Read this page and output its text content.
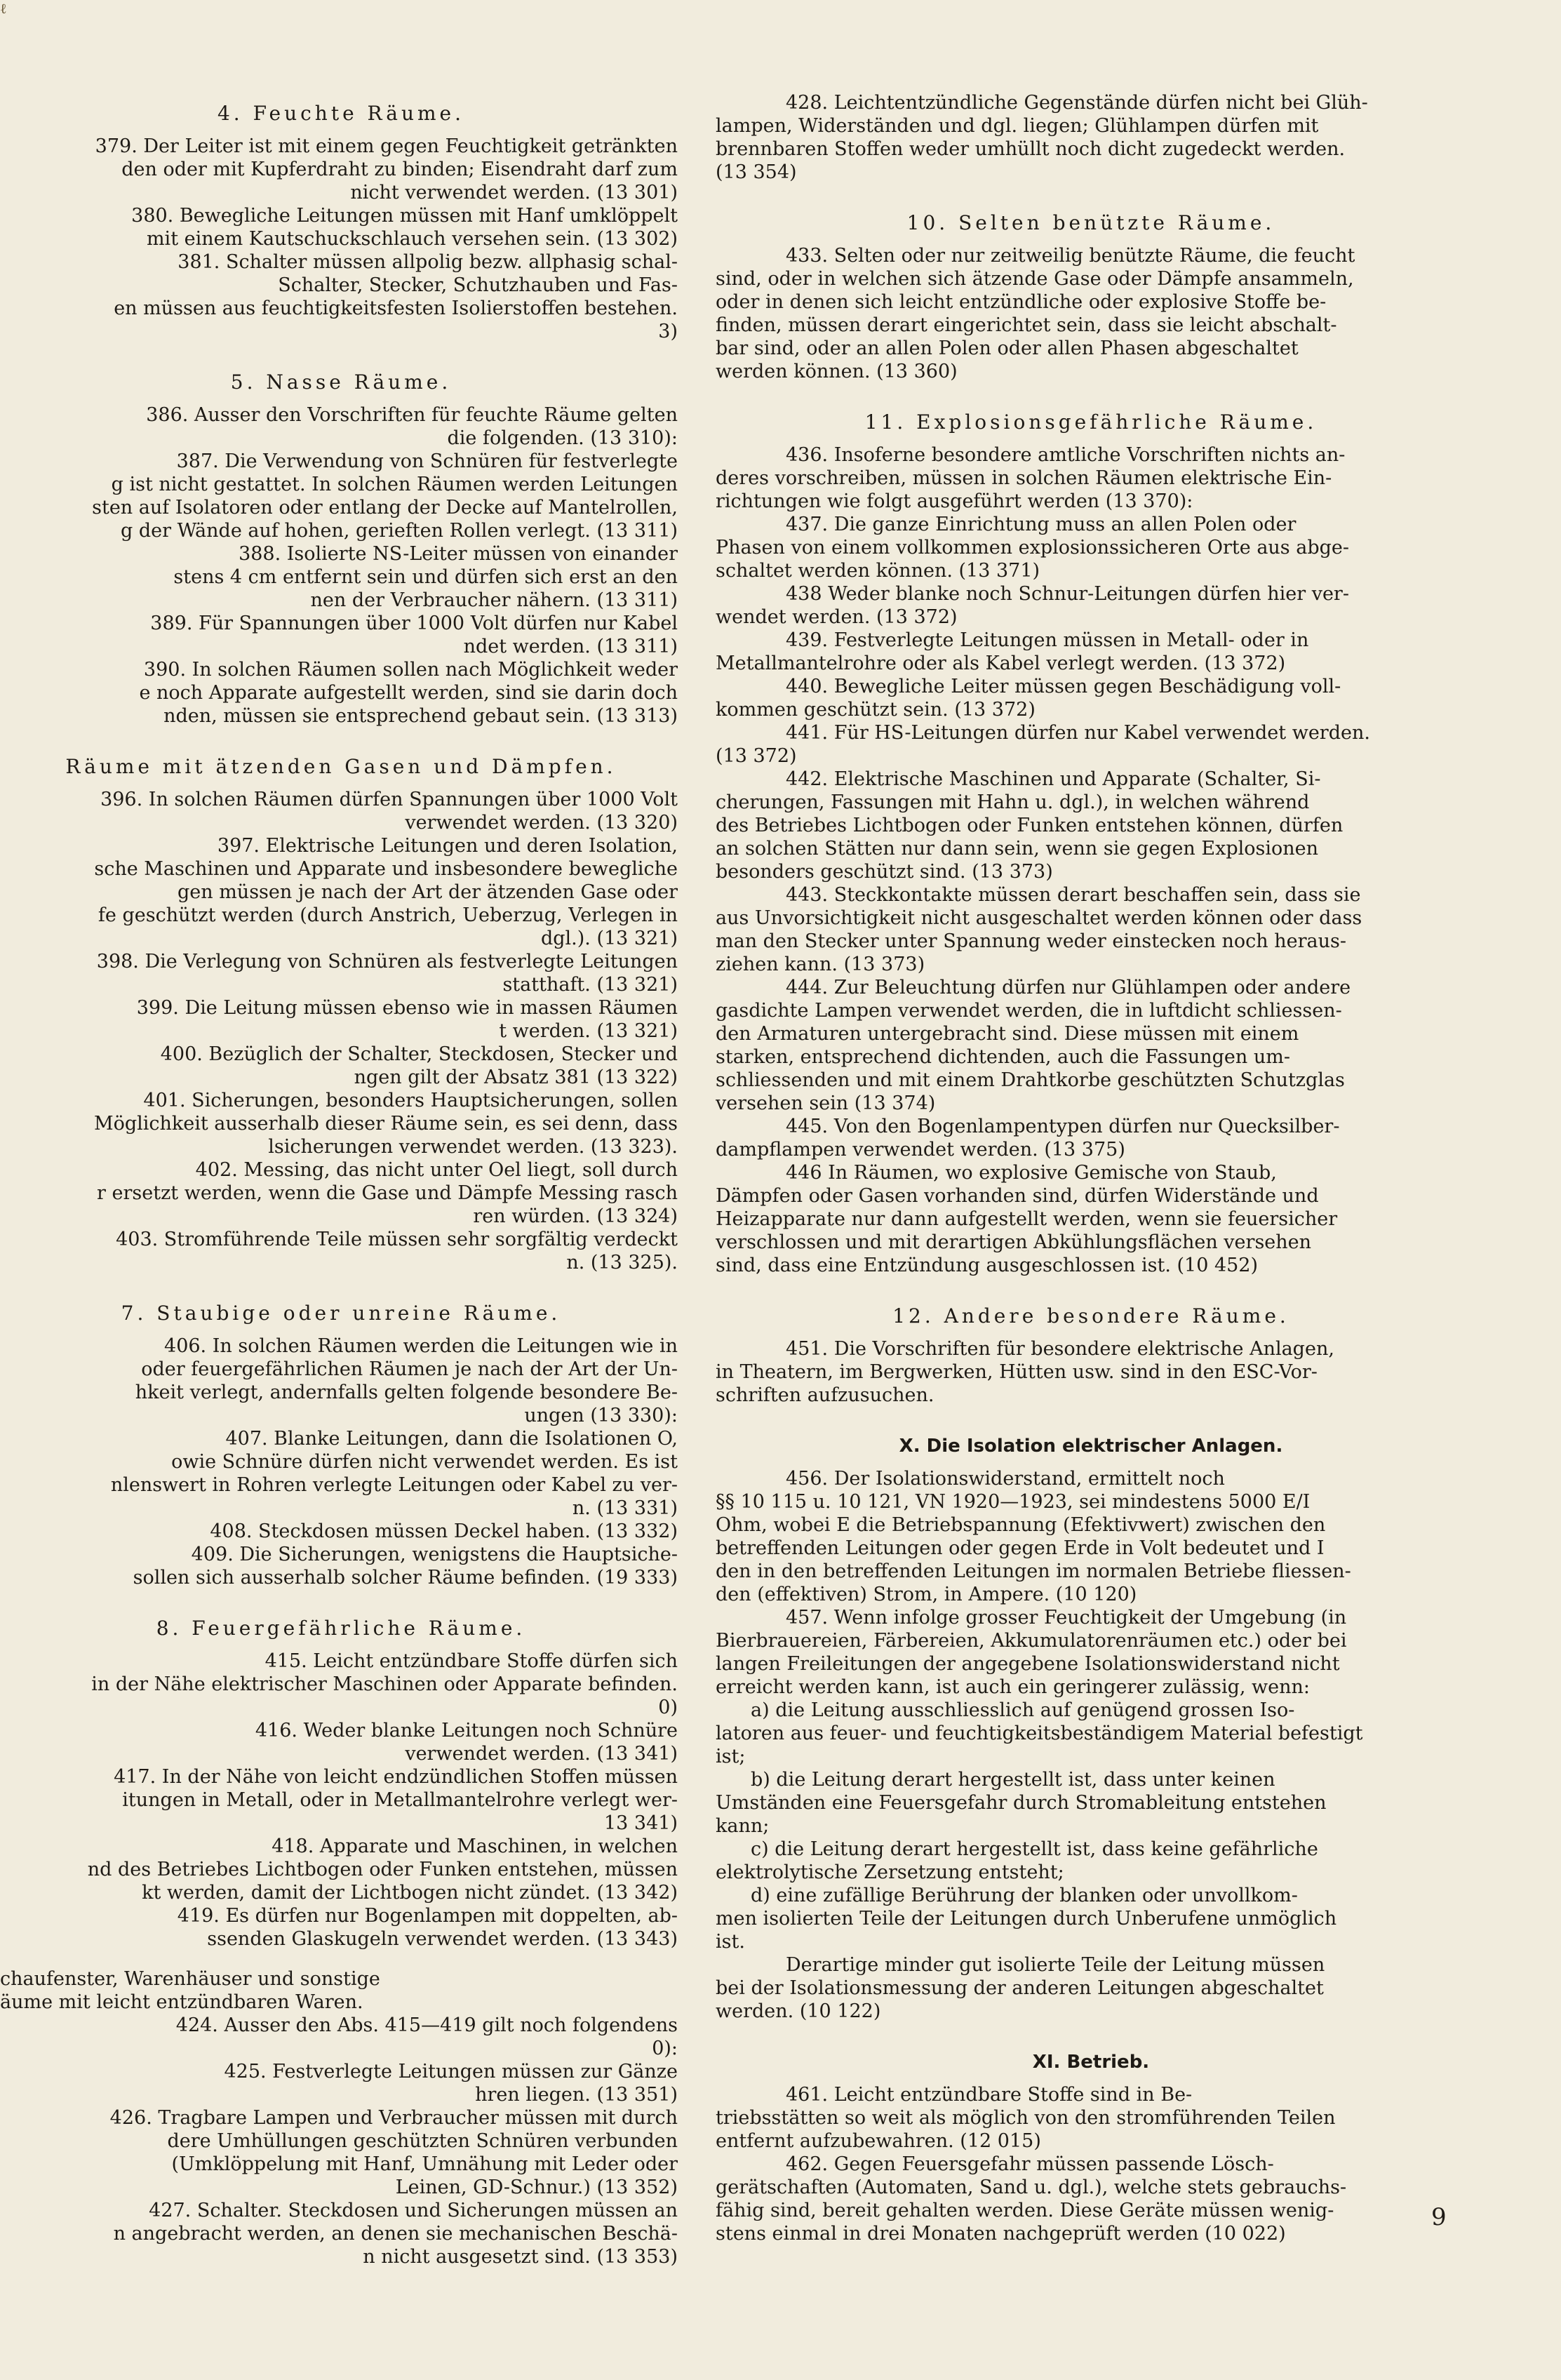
ℓ
4. Feuchte Räume.
379. Der Leiter ist mit einem gegen Feuchtigkeit getränkten
den oder mit Kupferdraht zu binden; Eisendraht darf zum
nicht verwendet werden. (13 301)
380. Bewegliche Leitungen müssen mit Hanf umklöppelt
mit einem Kautschuckschlauch versehen sein. (13 302)
381. Schalter müssen allpolig bezw. allphasig schal-
Schalter, Stecker, Schutzhauben und Fas-
en müssen aus feuchtigkeitsfesten Isolierstoffen bestehen.
3)
5. Nasse Räume.
386. Ausser den Vorschriften für feuchte Räume gelten
die folgenden. (13 310):
387. Die Verwendung von Schnüren für festverlegte
g ist nicht gestattet. In solchen Räumen werden Leitungen
sten auf Isolatoren oder entlang der Decke auf Mantelrollen,
g der Wände auf hohen, gerieften Rollen verlegt. (13 311)
388. Isolierte NS-Leiter müssen von einander
stens 4 cm entfernt sein und dürfen sich erst an den
nen der Verbraucher nähern. (13 311)
389. Für Spannungen über 1000 Volt dürfen nur Kabel
ndet werden. (13 311)
390. In solchen Räumen sollen nach Möglichkeit weder
e noch Apparate aufgestellt werden, sind sie darin doch
nden, müssen sie entsprechend gebaut sein. (13 313)
Räume mit ätzenden Gasen und Dämpfen.
396. In solchen Räumen dürfen Spannungen über 1000 Volt
verwendet werden. (13 320)
397. Elektrische Leitungen und deren Isolation,
sche Maschinen und Apparate und insbesondere bewegliche
gen müssen je nach der Art der ätzenden Gase oder
fe geschützt werden (durch Anstrich, Ueberzug, Verlegen in
dgl.). (13 321)
398. Die Verlegung von Schnüren als festverlegte Leitungen
statthaft. (13 321)
399. Die Leitung müssen ebenso wie in massen Räumen
t werden. (13 321)
400. Bezüglich der Schalter, Steckdosen, Stecker und
ngen gilt der Absatz 381 (13 322)
401. Sicherungen, besonders Hauptsicherungen, sollen
Möglichkeit ausserhalb dieser Räume sein, es sei denn, dass
lsicherungen verwendet werden. (13 323).
402. Messing, das nicht unter Oel liegt, soll durch
r ersetzt werden, wenn die Gase und Dämpfe Messing rasch
ren würden. (13 324)
403. Stromführende Teile müssen sehr sorgfältig verdeckt
n. (13 325).
7. Staubige oder unreine Räume.
406. In solchen Räumen werden die Leitungen wie in
oder feuergefährlichen Räumen je nach der Art der Un-
hkeit verlegt, andernfalls gelten folgende besondere Be-
ungen (13 330):
407. Blanke Leitungen, dann die Isolationen O,
owie Schnüre dürfen nicht verwendet werden. Es ist
nlenswert in Rohren verlegte Leitungen oder Kabel zu ver-
n. (13 331)
408. Steckdosen müssen Deckel haben. (13 332)
409. Die Sicherungen, wenigstens die Hauptsiche-
sollen sich ausserhalb solcher Räume befinden. (19 333)
8. Feuergefährliche Räume.
415. Leicht entzündbare Stoffe dürfen sich
in der Nähe elektrischer Maschinen oder Apparate befinden.
0)
416. Weder blanke Leitungen noch Schnüre
verwendet werden. (13 341)
417. In der Nähe von leicht endzündlichen Stoffen müssen
itungen in Metall, oder in Metallmantelrohre verlegt wer-
13 341)
418. Apparate und Maschinen, in welchen
nd des Betriebes Lichtbogen oder Funken entstehen, müssen
kt werden, damit der Lichtbogen nicht zündet. (13 342)
419. Es dürfen nur Bogenlampen mit doppelten, ab-
ssenden Glaskugeln verwendet werden. (13 343)
chaufenster, Warenhäuser und sonstige
äume mit leicht entzündbaren Waren.
424. Ausser den Abs. 415—419 gilt noch folgendens
0):
425. Festverlegte Leitungen müssen zur Gänze
hren liegen. (13 351)
426. Tragbare Lampen und Verbraucher müssen mit durch
dere Umhüllungen geschützten Schnüren verbunden
(Umklöppelung mit Hanf, Umnähung mit Leder oder
Leinen, GD-Schnur.) (13 352)
427. Schalter. Steckdosen und Sicherungen müssen an
n angebracht werden, an denen sie mechanischen Beschä-
n nicht ausgesetzt sind. (13 353)
428. Leichtentzündliche Gegenstände dürfen nicht bei Glüh-
lampen, Widerständen und dgl. liegen; Glühlampen dürfen mit
brennbaren Stoffen weder umhüllt noch dicht zugedeckt werden.
(13 354)
10. Selten benützte Räume.
433. Selten oder nur zeitweilig benützte Räume, die feucht
sind, oder in welchen sich ätzende Gase oder Dämpfe ansammeln,
oder in denen sich leicht entzündliche oder explosive Stoffe be-
finden, müssen derart eingerichtet sein, dass sie leicht abschalt-
bar sind, oder an allen Polen oder allen Phasen abgeschaltet
werden können. (13 360)
11. Explosionsgefährliche Räume.
436. Insoferne besondere amtliche Vorschriften nichts an-
deres vorschreiben, müssen in solchen Räumen elektrische Ein-
richtungen wie folgt ausgeführt werden (13 370):
437. Die ganze Einrichtung muss an allen Polen oder
Phasen von einem vollkommen explosionssicheren Orte aus abge-
schaltet werden können. (13 371)
438 Weder blanke noch Schnur-Leitungen dürfen hier ver-
wendet werden. (13 372)
439. Festverlegte Leitungen müssen in Metall- oder in
Metallmantelrohre oder als Kabel verlegt werden. (13 372)
440. Bewegliche Leiter müssen gegen Beschädigung voll-
kommen geschützt sein. (13 372)
441. Für HS-Leitungen dürfen nur Kabel verwendet werden.
(13 372)
442. Elektrische Maschinen und Apparate (Schalter, Si-
cherungen, Fassungen mit Hahn u. dgl.), in welchen während
des Betriebes Lichtbogen oder Funken entstehen können, dürfen
an solchen Stätten nur dann sein, wenn sie gegen Explosionen
besonders geschützt sind. (13 373)
443. Steckkontakte müssen derart beschaffen sein, dass sie
aus Unvorsichtigkeit nicht ausgeschaltet werden können oder dass
man den Stecker unter Spannung weder einstecken noch heraus-
ziehen kann. (13 373)
444. Zur Beleuchtung dürfen nur Glühlampen oder andere
gasdichte Lampen verwendet werden, die in luftdicht schliessen-
den Armaturen untergebracht sind. Diese müssen mit einem
starken, entsprechend dichtenden, auch die Fassungen um-
schliessenden und mit einem Drahtkorbe geschützten Schutzglas
versehen sein (13 374)
445. Von den Bogenlampentypen dürfen nur Quecksilber-
dampflampen verwendet werden. (13 375)
446 In Räumen, wo explosive Gemische von Staub,
Dämpfen oder Gasen vorhanden sind, dürfen Widerstände und
Heizapparate nur dann aufgestellt werden, wenn sie feuersicher
verschlossen und mit derartigen Abkühlungsflächen versehen
sind, dass eine Entzündung ausgeschlossen ist. (10 452)
12. Andere besondere Räume.
451. Die Vorschriften für besondere elektrische Anlagen,
in Theatern, im Bergwerken, Hütten usw. sind in den ESC-Vor-
schriften aufzusuchen.
X. Die Isolation elektrischer Anlagen.
456. Der Isolationswiderstand, ermittelt noch
§§ 10 115 u. 10 121, VN 1920—1923, sei mindestens 5000 E/I
Ohm, wobei E die Betriebspannung (Efektivwert) zwischen den
betreffenden Leitungen oder gegen Erde in Volt bedeutet und I
den in den betreffenden Leitungen im normalen Betriebe fliessen-
den (effektiven) Strom, in Ampere. (10 120)
457. Wenn infolge grosser Feuchtigkeit der Umgebung (in
Bierbrauereien, Färbereien, Akkumulatorenräumen etc.) oder bei
langen Freileitungen der angegebene Isolationswiderstand nicht
erreicht werden kann, ist auch ein geringerer zulässig, wenn:
a) die Leitung ausschliesslich auf genügend grossen Iso-
latoren aus feuer- und feuchtigkeitsbeständigem Material befestigt
ist;
b) die Leitung derart hergestellt ist, dass unter keinen
Umständen eine Feuersgefahr durch Stromableitung entstehen
kann;
c) die Leitung derart hergestellt ist, dass keine gefährliche
elektrolytische Zersetzung entsteht;
d) eine zufällige Berührung der blanken oder unvollkom-
men isolierten Teile der Leitungen durch Unberufene unmöglich
ist.
Derartige minder gut isolierte Teile der Leitung müssen
bei der Isolationsmessung der anderen Leitungen abgeschaltet
werden. (10 122)
XI. Betrieb.
461. Leicht entzündbare Stoffe sind in Be-
triebsstätten so weit als möglich von den stromführenden Teilen
entfernt aufzubewahren. (12 015)
462. Gegen Feuersgefahr müssen passende Lösch-
gerätschaften (Automaten, Sand u. dgl.), welche stets gebrauchs-
fähig sind, bereit gehalten werden. Diese Geräte müssen wenig-
stens einmal in drei Monaten nachgeprüft werden (10 022)
9
